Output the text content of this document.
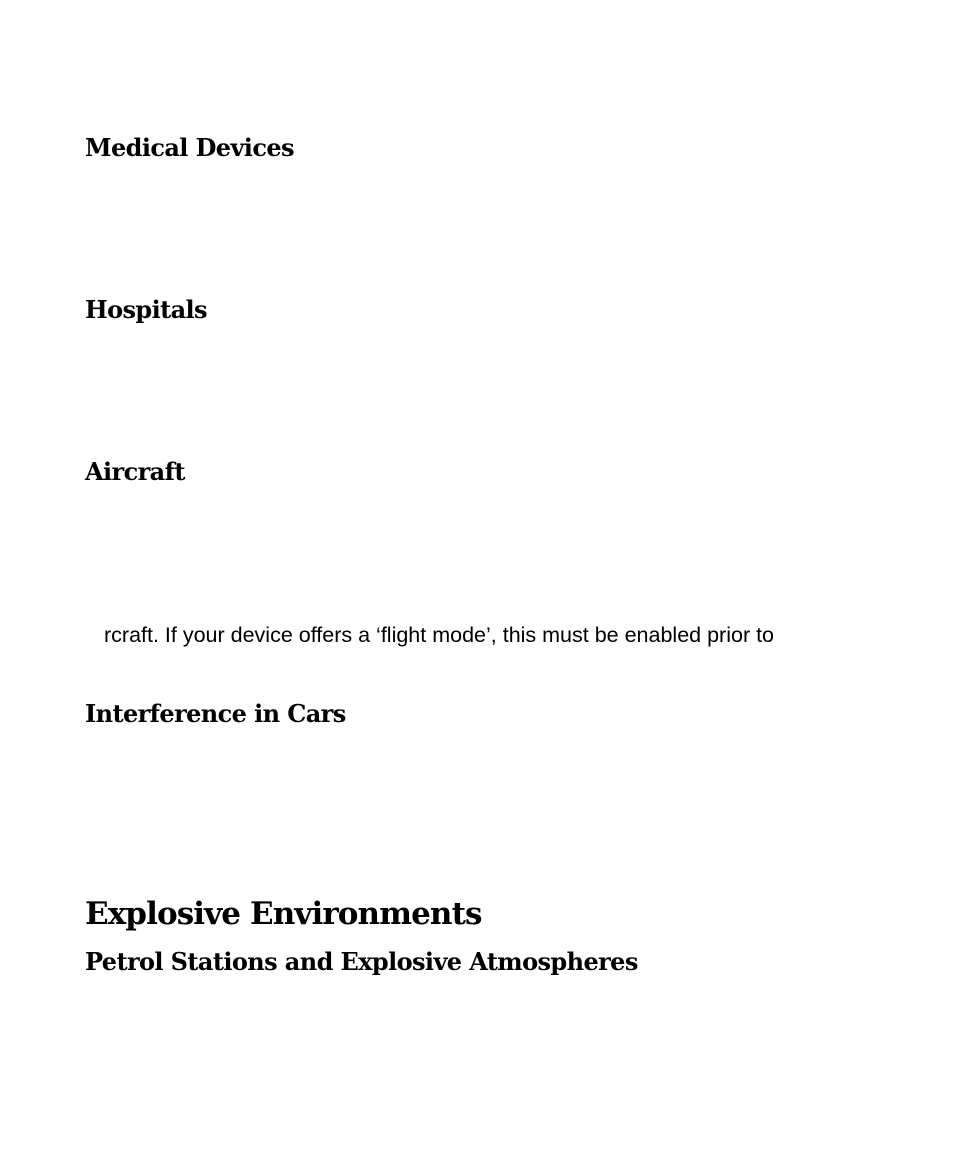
Medical Devices
Hospitals
Aircraft

rcraft. If your device offers a ‘flight mode’, this must be enabled prior to

Interference in Cars
Explosive Environments
Petrol Stations and Explosive Atmospheres
